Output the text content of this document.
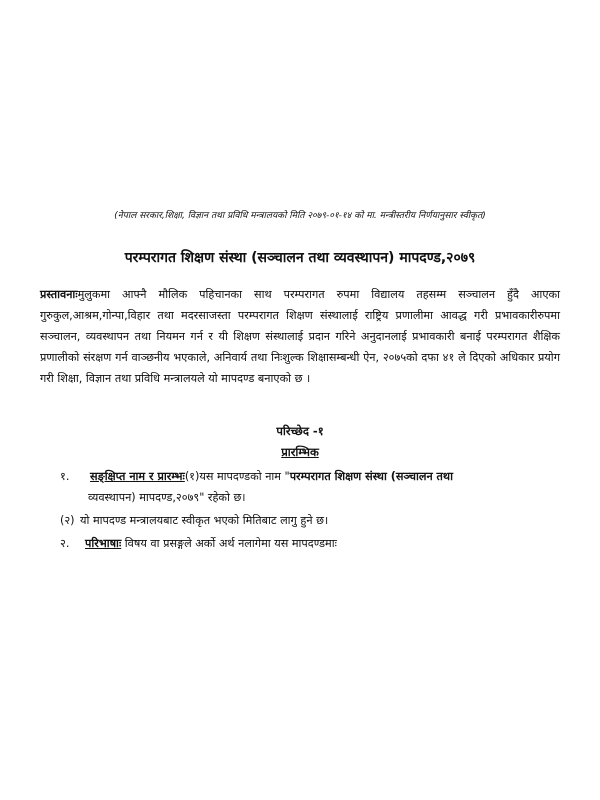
(नेपाल सरकार,शिक्षा, विज्ञान तथा प्रविधि मन्त्रालयको मिति २०७९-०१-१४ को मा. मन्त्रीस्तरीय निर्णयानुसार स्वीकृत)
परम्परागत शिक्षण संस्था (सञ्चालन तथा व्यवस्थापन) मापदण्ड,२०७९
प्रस्तावनाःमुलुकमा आफ्नै मौलिक पहिचानका साथ परम्परागत रुपमा विद्यालय तहसम्म सञ्चालन हुँदै आएका गुरुकुल,आश्रम,गोन्पा,विहार तथा मदरसाजस्ता परम्परागत शिक्षण संस्थालाई राष्ट्रिय प्रणालीमा आवद्ध गरी प्रभावकारीरुपमा सञ्चालन, व्यवस्थापन तथा नियमन गर्न र यी शिक्षण संस्थालाई प्रदान गरिने अनुदानलाई प्रभावकारी बनाई परम्परागत शैक्षिक प्रणालीको संरक्षण गर्न वाञ्छनीय भएकाले, अनिवार्य तथा निःशुल्क शिक्षासम्बन्धी ऐन, २०७५को दफा ४१ ले दिएको अधिकार प्रयोग गरी शिक्षा, विज्ञान तथा प्रविधि मन्त्रालयले यो मापदण्ड बनाएको छ ।
परिच्छेद -१
प्रारम्भिक
१. सङ्क्षिप्त नाम र प्रारम्भः(१)यस मापदण्डको नाम "परम्परागत शिक्षण संस्था (सञ्चालन तथा
व्यवस्थापन) मापदण्ड,२०७९" रहेको छ।
(२) यो मापदण्ड मन्त्रालयबाट स्वीकृत भएको मितिबाट लागु हुने छ।
२. परिभाषाः विषय वा प्रसङ्गले अर्को अर्थ नलागेमा यस मापदण्डमाः
